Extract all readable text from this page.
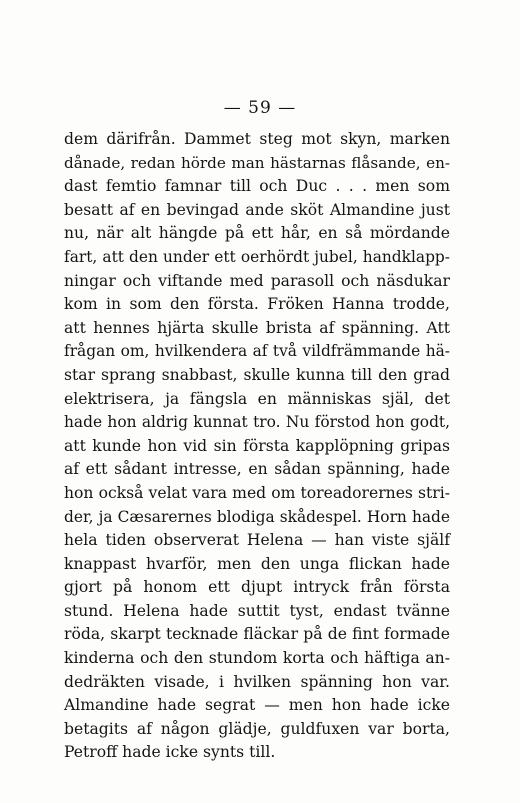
— 59 —
dem därifrån. Dammet steg mot skyn, marken
dånade, redan hörde man hästarnas flåsande, en-
dast femtio famnar till och Duc . . . men som
besatt af en bevingad ande sköt Almandine just
nu, när alt hängde på ett hår, en så mördande
fart, att den under ett oerhördt jubel, handklapp-
ningar och viftande med parasoll och näsdukar
kom in som den första. Fröken Hanna trodde,
att hennes hjärta skulle brista af spänning. Att
frågan om, hvilkendera af två vildfrämmande hä-
star sprang snabbast, skulle kunna till den grad
elektrisera, ja fängsla en människas själ, det
hade hon aldrig kunnat tro. Nu förstod hon godt,
att kunde hon vid sin första kapplöpning gripas
af ett sådant intresse, en sådan spänning, hade
hon också velat vara med om toreadorernes stri-
der, ja Cæsarernes blodiga skådespel. Horn hade
hela tiden observerat Helena — han viste själf
knappast hvarför, men den unga flickan hade
gjort på honom ett djupt intryck från första
stund. Helena hade suttit tyst, endast tvänne
röda, skarpt tecknade fläckar på de fint formade
kinderna och den stundom korta och häftiga an-
dedräkten visade, i hvilken spänning hon var.
Almandine hade segrat — men hon hade icke
betagits af någon glädje, guldfuxen var borta,
Petroff hade icke synts till.
